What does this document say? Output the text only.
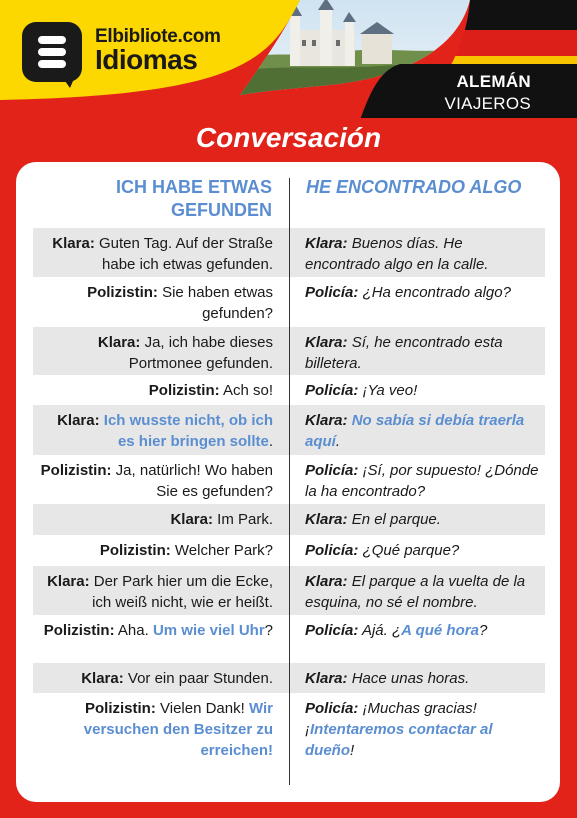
Elbibliote.com
Idiomas
ALEMÁN
VIAJEROS
Conversación
ICH HABE ETWAS GEFUNDEN
HE ENCONTRADO ALGO
Klara: Guten Tag. Auf der Straße habe ich etwas gefunden.
Klara: Buenos días. He encontrado algo en la calle.
Polizistin: Sie haben etwas gefunden?
Policía: ¿Ha encontrado algo?
Klara: Ja, ich habe dieses Portmonee gefunden.
Klara: Sí, he encontrado esta billetera.
Polizistin: Ach so! Policía: ¡Ya veo!
Klara: Ich wusste nicht, ob ich es hier bringen sollte.
Klara: No sabía si debía traerla aquí.
Polizistin: Ja, natürlich! Wo haben Sie es gefunden?
Policía: ¡Sí, por supuesto! ¿Dónde la ha encontrado?
Klara: Im Park. Klara: En el parque.
Polizistin: Welcher Park? Policía: ¿Qué parque?
Klara: Der Park hier um die Ecke, ich weiß nicht, wie er heißt.
Klara: El parque a la vuelta de la esquina, no sé el nombre.
Polizistin: Aha. Um wie viel Uhr? Policía: Ajá. ¿A qué hora?
Klara: Vor ein paar Stunden. Klara: Hace unas horas.
Polizistin: Vielen Dank! Wir versuchen den Besitzer zu erreichen!
Policía: ¡Muchas gracias! ¡Intentaremos contactar al dueño!
